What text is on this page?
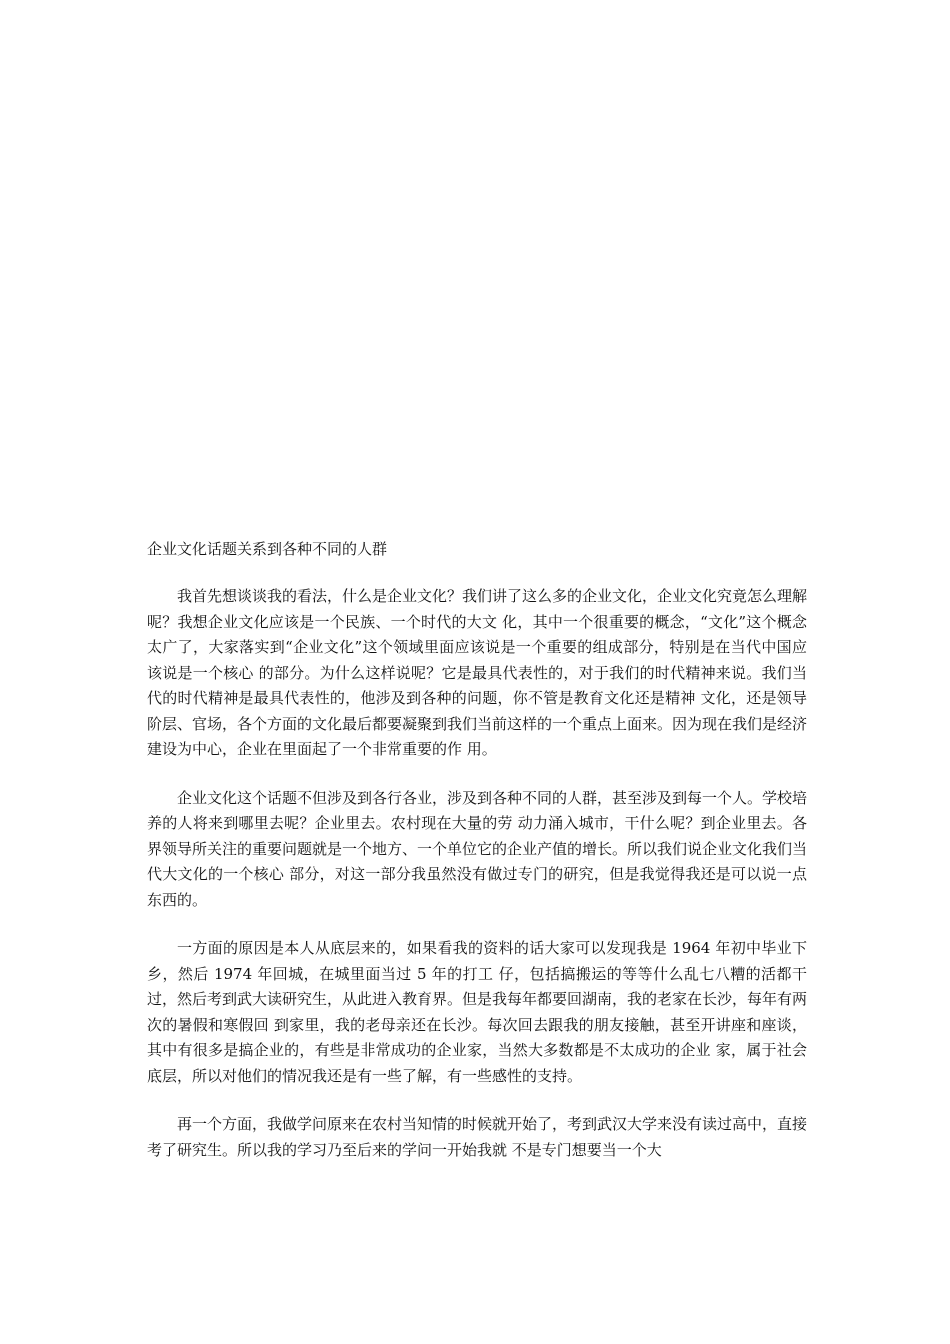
企业文化话题关系到各种不同的人群

我首先想谈谈我的看法，什么是企业文化？我们讲了这么多的企业文化，企业文化究竟怎么理解呢？我想企业文化应该是一个民族、一个时代的大文 化，其中一个很重要的概念，“文化”这个概念太广了，大家落实到“企业文化”这个领域里面应该说是一个重要的组成部分，特别是在当代中国应该说是一个核心 的部分。为什么这样说呢？它是最具代表性的，对于我们的时代精神来说。我们当代的时代精神是最具代表性的，他涉及到各种的问题，你不管是教育文化还是精神 文化，还是领导阶层、官场，各个方面的文化最后都要凝聚到我们当前这样的一个重点上面来。因为现在我们是经济建设为中心，企业在里面起了一个非常重要的作 用。

企业文化这个话题不但涉及到各行各业，涉及到各种不同的人群，甚至涉及到每一个人。学校培养的人将来到哪里去呢？企业里去。农村现在大量的劳 动力涌入城市，干什么呢？到企业里去。各界领导所关注的重要问题就是一个地方、一个单位它的企业产值的增长。所以我们说企业文化我们当代大文化的一个核心 部分，对这一部分我虽然没有做过专门的研究，但是我觉得我还是可以说一点东西的。

一方面的原因是本人从底层来的，如果看我的资料的话大家可以发现我是 1964 年初中毕业下乡，然后 1974 年回城，在城里面当过 5 年的打工 仔，包括搞搬运的等等什么乱七八糟的活都干过，然后考到武大读研究生，从此进入教育界。但是我每年都要回湖南，我的老家在长沙，每年有两次的暑假和寒假回 到家里，我的老母亲还在长沙。每次回去跟我的朋友接触，甚至开讲座和座谈，其中有很多是搞企业的，有些是非常成功的企业家，当然大多数都是不太成功的企业 家，属于社会底层，所以对他们的情况我还是有一些了解，有一些感性的支持。

再一个方面，我做学问原来在农村当知情的时候就开始了，考到武汉大学来没有读过高中，直接考了研究生。所以我的学习乃至后来的学问一开始我就 不是专门想要当一个大
